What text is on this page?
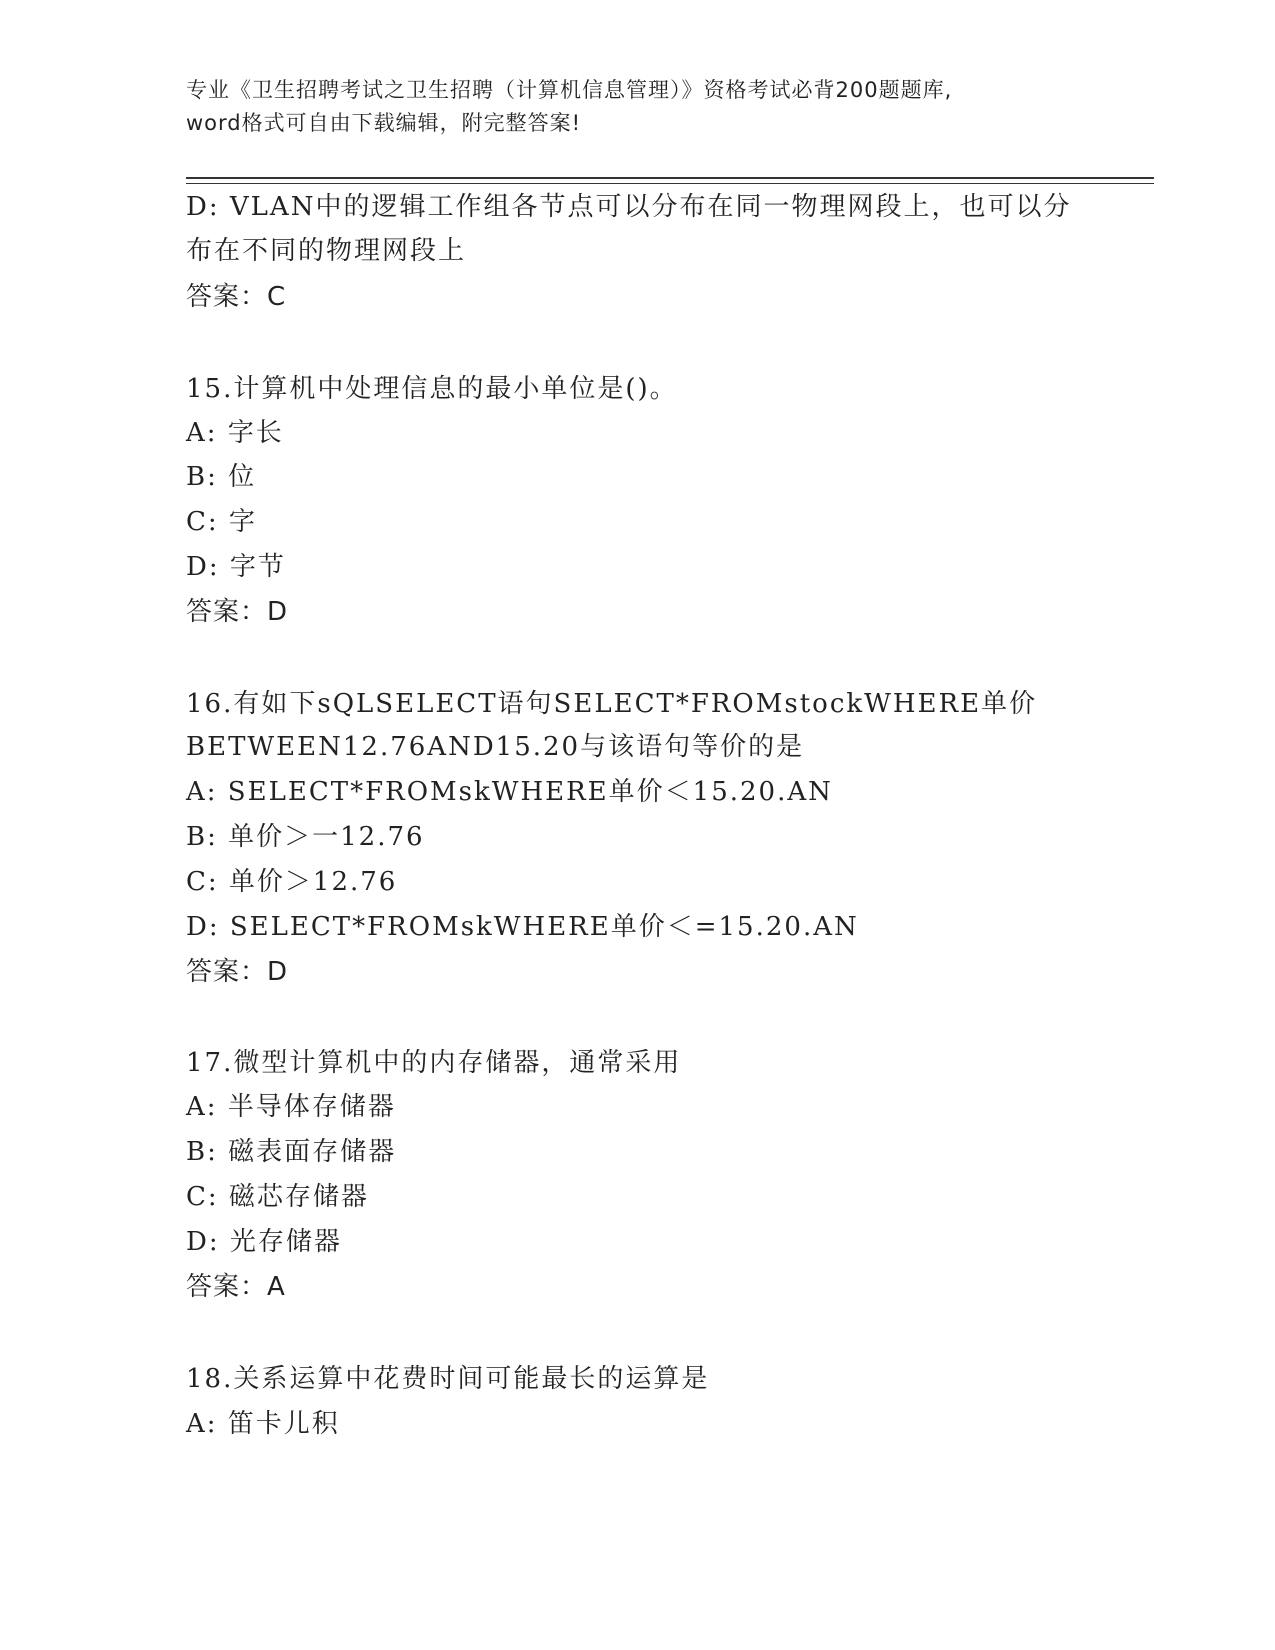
专业《卫生招聘考试之卫生招聘（计算机信息管理）》资格考试必背200题题库,
word格式可自由下载编辑，附完整答案!
D: VLAN中的逻辑工作组各节点可以分布在同一物理网段上，也可以分
布在不同的物理网段上
答案：C
15.计算机中处理信息的最小单位是()。
A: 字长
B: 位
C: 字
D: 字节
答案：D
16.有如下sQLSELECT语句SELECT*FROMstockWHERE单价
BETWEEN12.76AND15.20与该语句等价的是
A: SELECT*FROMskWHERE单价＜15.20.AN
B: 单价＞一12.76
C: 单价＞12.76
D: SELECT*FROMskWHERE单价＜=15.20.AN
答案：D
17.微型计算机中的内存储器，通常采用
A: 半导体存储器
B: 磁表面存储器
C: 磁芯存储器
D: 光存储器
答案：A
18.关系运算中花费时间可能最长的运算是
A: 笛卡儿积
